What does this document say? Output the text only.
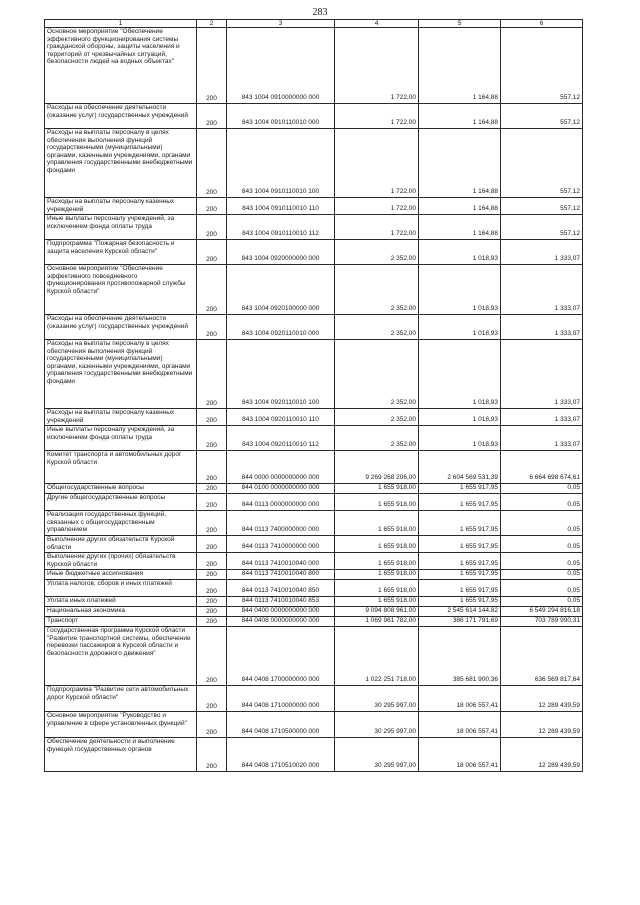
283
1	2	3	4	5	6
Основное мероприятие "Обеспечение эффективного функционирования системы гражданской обороны, защиты населения и территорий от чрезвычайных ситуаций, безопасности людей на водных объектах"	200	843 1004 0910000000 000	1 722,00	1 164,88	557,12
Расходы на обеспечение деятельности (оказание услуг) государственных учреждений	200	843 1004 0910110010 000	1 722,00	1 164,88	557,12
Расходы на выплаты персоналу в целях обеспечения выполнения функций государственными (муниципальными) органами, казенными учреждениями, органами управления государственными внебюджетными фондами	200	843 1004 0910110010 100	1 722,00	1 164,88	557,12
Расходы на выплаты персоналу казенных учреждений	200	843 1004 0910110010 110	1 722,00	1 164,88	557,12
Иные выплаты персоналу учреждений, за исключением фонда оплаты труда	200	843 1004 0910110010 112	1 722,00	1 164,88	557,12
Подпрограмма "Пожарная безопасность и защита населения Курской области"	200	843 1004 0920000000 000	2 352,00	1 018,93	1 333,07
Основное мероприятие "Обеспечение эффективного повседневного функционирования противопожарной службы Курской области"	200	843 1004 0920100000 000	2 352,00	1 018,93	1 333,07
Расходы на обеспечение деятельности (оказание услуг) государственных учреждений	200	843 1004 0920110010 000	2 352,00	1 018,93	1 333,07
Расходы на выплаты персоналу в целях обеспечения выполнения функций государственными (муниципальными) органами, казенными учреждениями, органами управления государственными внебюджетными фондами	200	843 1004 0920110010 100	2 352,00	1 018,93	1 333,07
Расходы на выплаты персоналу казенных учреждений	200	843 1004 0920110010 110	2 352,00	1 018,93	1 333,07
Иные выплаты персоналу учреждений, за исключением фонда оплаты труда	200	843 1004 0920110010 112	2 352,00	1 018,93	1 333,07
Комитет транспорта и автомобильных дорог Курской области	200	844 0000 0000000000 000	9 269 268 206,00	2 604 569 531,39	6 664 698 674,61
Общегосударственные вопросы	200	844 0100 0000000000 000	1 655 918,00	1 655 917,95	0,05
Другие общегосударственные вопросы	200	844 0113 0000000000 000	1 655 918,00	1 655 917,95	0,05
Реализация государственных функций, связанных с общегосударственным управлением	200	844 0113 7400000000 000	1 655 918,00	1 655 917,95	0,05
Выполнение других обязательств Курской области	200	844 0113 7410000000 000	1 655 918,00	1 655 917,95	0,05
Выполнение других (прочих) обязательств Курской области	200	844 0113 7410010040 000	1 655 918,00	1 655 917,95	0,05
Иные бюджетные ассигнования	200	844 0113 7410010040 800	1 655 918,00	1 655 917,95	0,05
Уплата налогов, сборов и иных платежей	200	844 0113 7410010040 850	1 655 918,00	1 655 917,95	0,05
Уплата иных платежей	200	844 0113 7410010040 853	1 655 918,00	1 655 917,95	0,05
Национальная экономика	200	844 0400 0000000000 000	9 094 808 961,00	2 545 614 144,82	6 549 294 816,18
Транспорт	200	844 0408 0000000000 000	1 069 961 782,00	386 171 791,69	703 789 990,31
Государственная программа Курской области "Развитие транспортной системы, обеспечение перевозки пассажиров в Курской области и безопасности дорожного движения"	200	844 0408 1700000000 000	1 022 251 718,00	385 681 900,36	636 569 817,64
Подпрограмма "Развитие сети автомобильных дорог Курской области"	200	844 0408 1710000000 000	30 295 997,00	18 006 557,41	12 289 439,59
Основное мероприятие "Руководство и управление в сфере установленных функций"	200	844 0408 1710500000 000	30 295 997,00	18 006 557,41	12 289 439,59
Обеспечение деятельности и выполнение функций государственных органов	200	844 0408 1710510020 000	30 295 997,00	18 006 557,41	12 289 439,59
